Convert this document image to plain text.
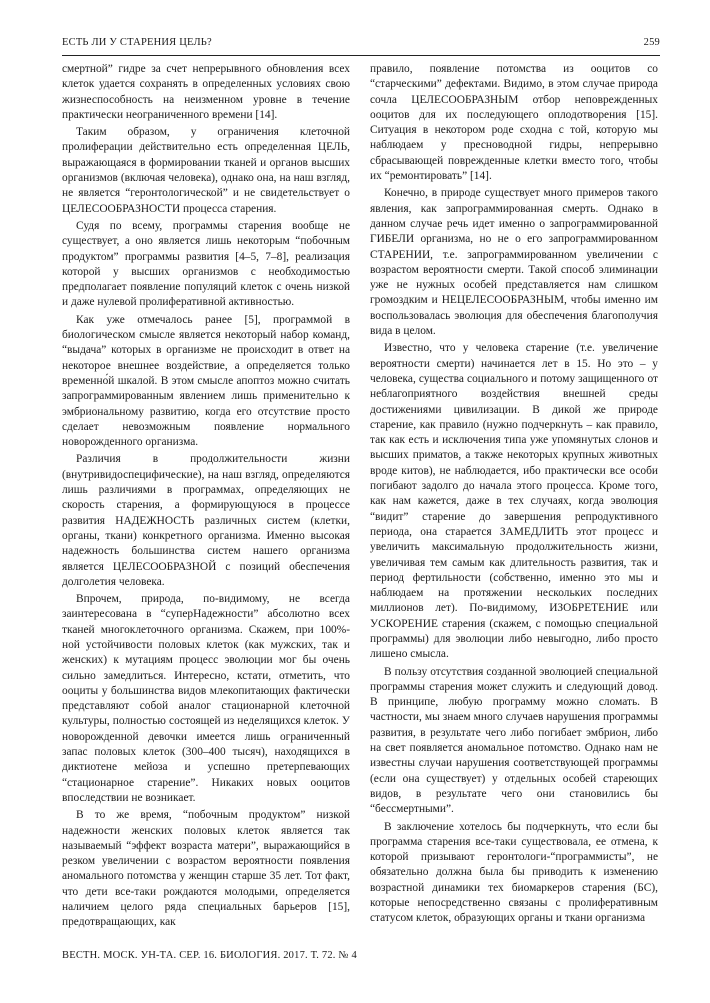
ЕСТЬ ЛИ У СТАРЕНИЯ ЦЕЛЬ?	259

смертной” гидре за счет непрерывного обновления всех клеток удается сохранять в определенных условиях свою жизнеспособность на неизменном уровне в течение практически неограниченного времени [14].

Таким образом, у ограничения клеточной пролиферации действительно есть определенная ЦЕЛЬ, выражающаяся в формировании тканей и органов высших организмов (включая человека), однако она, на наш взгляд, не является “геронтологической” и не свидетельствует о ЦЕЛЕСООБРАЗНОСТИ процесса старения.

Судя по всему, программы старения вообще не существует, а оно является лишь некоторым “побочным продуктом” программы развития [4–5, 7–8], реализация которой у высших организмов с необходимостью предполагает появление популяций клеток с очень низкой и даже нулевой пролиферативной активностью.

Как уже отмечалось ранее [5], программой в биологическом смысле является некоторый набор команд, “выдача” которых в организме не происходит в ответ на некоторое внешнее воздействие, а определяется только временно́й шкалой. В этом смысле апоптоз можно считать запрограммированным явлением лишь применительно к эмбриональному развитию, когда его отсутствие просто сделает невозможным появление нормального новорожденного организма.

Различия в продолжительности жизни (внутривидоспецифические), на наш взгляд, определяются лишь различиями в программах, определяющих не скорость старения, а формирующуюся в процессе развития НАДЕЖНОСТЬ различных систем (клетки, органы, ткани) конкретного организма. Именно высокая надежность большинства систем нашего организма является ЦЕЛЕСООБРАЗНОЙ с позиций обеспечения долголетия человека.

Впрочем, природа, по-видимому, не всегда заинтересована в “суперНадежности” абсолютно всех тканей многоклеточного организма. Скажем, при 100%-ной устойчивости половых клеток (как мужских, так и женских) к мутациям процесс эволюции мог бы очень сильно замедлиться. Интересно, кстати, отметить, что ооциты у большинства видов млекопитающих фактически представляют собой аналог стационарной клеточной культуры, полностью состоящей из неделящихся клеток. У новорожденной девочки имеется лишь ограниченный запас половых клеток (300–400 тысяч), находящихся в диктиотене мейоза и успешно претерпевающих “стационарное старение”. Никаких новых ооцитов впоследствии не возникает.

В то же время, “побочным продуктом” низкой надежности женских половых клеток является так называемый “эффект возраста матери”, выражающийся в резком увеличении с возрастом вероятности появления аномального потомства у женщин старше 35 лет. Тот факт, что дети все-таки рождаются молодыми, определяется наличием целого ряда специальных барьеров [15], предотвращающих, как

правило, появление потомства из ооцитов со “старческими” дефектами. Видимо, в этом случае природа сочла ЦЕЛЕСООБРАЗНЫМ отбор неповрежденных ооцитов для их последующего оплодотворения [15]. Ситуация в некотором роде сходна с той, которую мы наблюдаем у пресноводной гидры, непрерывно сбрасывающей поврежденные клетки вместо того, чтобы их “ремонтировать” [14].

Конечно, в природе существует много примеров такого явления, как запрограммированная смерть. Однако в данном случае речь идет именно о запрограммированной ГИБЕЛИ организма, но не о его запрограммированном СТАРЕНИИ, т.е. запрограммированном увеличении с возрастом вероятности смерти. Такой способ элиминации уже не нужных особей представляется нам слишком громоздким и НЕЦЕЛЕСООБРАЗНЫМ, чтобы именно им воспользовалась эволюция для обеспечения благополучия вида в целом.

Известно, что у человека старение (т.е. увеличение вероятности смерти) начинается лет в 15. Но это – у человека, существа социального и потому защищенного от неблагоприятного воздействия внешней среды достижениями цивилизации. В дикой же природе старение, как правило (нужно подчеркнуть – как правило, так как есть и исключения типа уже упомянутых слонов и высших приматов, а также некоторых крупных животных вроде китов), не наблюдается, ибо практически все особи погибают задолго до начала этого процесса. Кроме того, как нам кажется, даже в тех случаях, когда эволюция “видит” старение до завершения репродуктивного периода, она старается ЗАМЕДЛИТЬ этот процесс и увеличить максимальную продолжительность жизни, увеличивая тем самым как длительность развития, так и период фертильности (собственно, именно это мы и наблюдаем на протяжении нескольких последних миллионов лет). По-видимому, ИЗОБРЕТЕНИЕ или УСКОРЕНИЕ старения (скажем, с помощью специальной программы) для эволюции либо невыгодно, либо просто лишено смысла.

В пользу отсутствия созданной эволюцией специальной программы старения может служить и следующий довод. В принципе, любую программу можно сломать. В частности, мы знаем много случаев нарушения программы развития, в результате чего либо погибает эмбрион, либо на свет появляется аномальное потомство. Однако нам не известны случаи нарушения соответствующей программы (если она существует) у отдельных особей стареющих видов, в результате чего они становились бы “бессмертными”.

В заключение хотелось бы подчеркнуть, что если бы программа старения все-таки существовала, ее отмена, к которой призывают геронтологи-“программисты”, не обязательно должна была бы приводить к изменению возрастной динамики тех биомаркеров старения (БС), которые непосредственно связаны с пролиферативным статусом клеток, образующих органы и ткани организма

ВЕСТН. МОСК. УН-ТА. СЕР. 16. БИОЛОГИЯ. 2017. Т. 72. № 4
